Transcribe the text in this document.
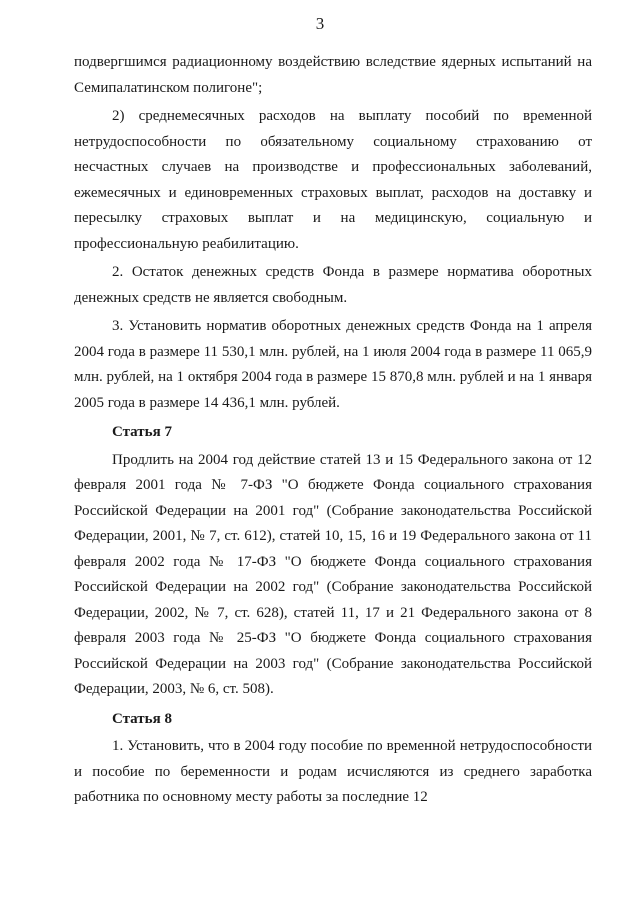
3

подвергшимся радиационному воздействию вследствие ядерных испытаний на Семипалатинском полигоне";

2) среднемесячных расходов на выплату пособий по временной нетрудоспособности по обязательному социальному страхованию от несчастных случаев на производстве и профессиональных заболеваний, ежемесячных и единовременных страховых выплат, расходов на доставку и пересылку страховых выплат и на медицинскую, социальную и профессиональную реабилитацию.

2. Остаток денежных средств Фонда в размере норматива оборотных денежных средств не является свободным.

3. Установить норматив оборотных денежных средств Фонда на 1 апреля 2004 года в размере 11 530,1 млн. рублей, на 1 июля 2004 года в размере 11 065,9 млн. рублей, на 1 октября 2004 года в размере 15 870,8 млн. рублей и на 1 января 2005 года в размере 14 436,1 млн. рублей.

Статья 7

Продлить на 2004 год действие статей 13 и 15 Федерального закона от 12 февраля 2001 года № 7-ФЗ "О бюджете Фонда социального страхования Российской Федерации на 2001 год" (Собрание законодательства Российской Федерации, 2001, № 7, ст. 612), статей 10, 15, 16 и 19 Федерального закона от 11 февраля 2002 года № 17-ФЗ "О бюджете Фонда социального страхования Российской Федерации на 2002 год" (Собрание законодательства Российской Федерации, 2002, № 7, ст. 628), статей 11, 17 и 21 Федерального закона от 8 февраля 2003 года № 25-ФЗ "О бюджете Фонда социального страхования Российской Федерации на 2003 год" (Собрание законодательства Российской Федерации, 2003, № 6, ст. 508).

Статья 8

1. Установить, что в 2004 году пособие по временной нетрудоспособности и пособие по беременности и родам исчисляются из среднего заработка работника по основному месту работы за последние 12
